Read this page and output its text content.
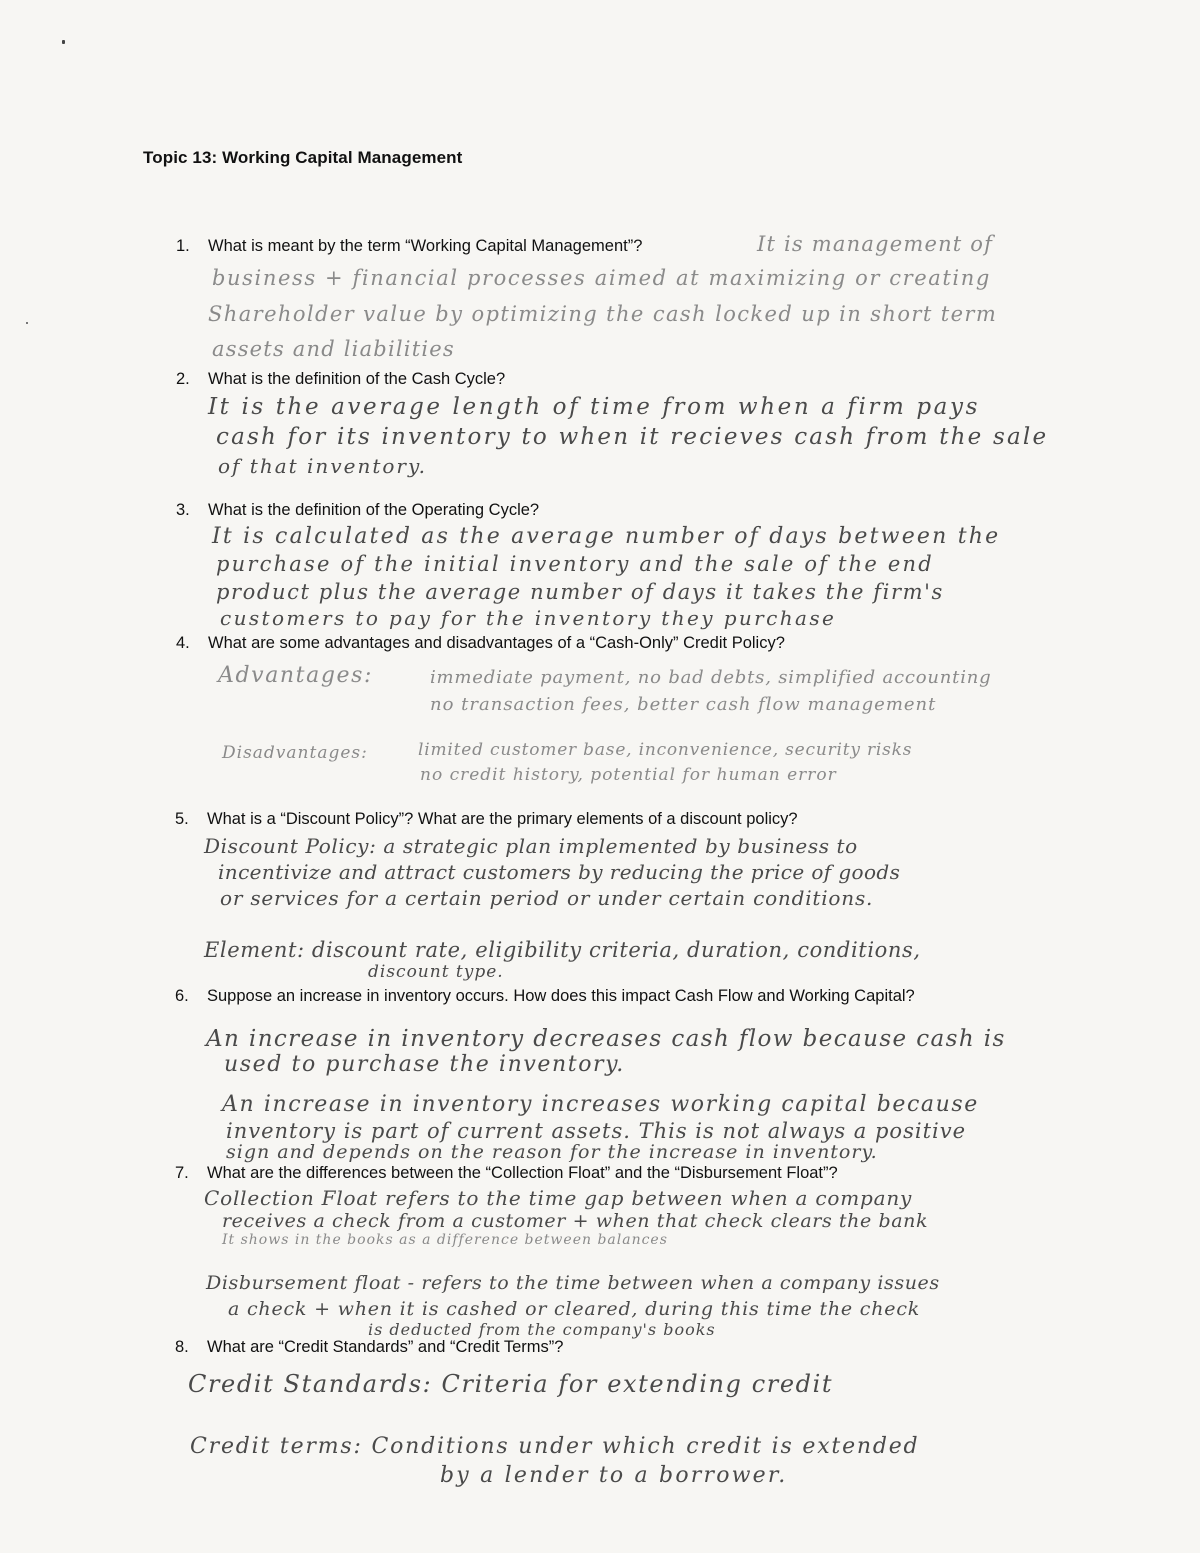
Topic 13: Working Capital Management
1. What is meant by the term “Working Capital Management”?	It is management of
business + financial processes aimed at maximizing or creating
Shareholder value by optimizing the cash locked up in short term
assets and liabilities
2. What is the definition of the Cash Cycle?
It is the average length of time from when a firm pays
cash for its inventory to when it recieves cash from the sale
of that inventory.
3. What is the definition of the Operating Cycle?
It is calculated as the average number of days between the
purchase of the initial inventory and the sale of the end
product plus the average number of days it takes the firm's
customers to pay for the inventory they purchase
4. What are some advantages and disadvantages of a “Cash-Only” Credit Policy?
Advantages:	immediate payment, no bad debts, simplified accounting
no transaction fees, better cash flow management
Disadvantages:	limited customer base, inconvenience, security risks
no credit history, potential for human error
5. What is a “Discount Policy”? What are the primary elements of a discount policy?
Discount Policy: a strategic plan implemented by business to
incentivize and attract customers by reducing the price of goods
or services for a certain period or under certain conditions.
Element: discount rate, eligibility criteria, duration, conditions,
discount type.
6. Suppose an increase in inventory occurs. How does this impact Cash Flow and Working Capital?
An increase in inventory decreases cash flow because cash is
used to purchase the inventory.
An increase in inventory increases working capital because
inventory is part of current assets. This is not always a positive
sign and depends on the reason for the increase in inventory.
7. What are the differences between the “Collection Float” and the “Disbursement Float”?
Collection Float refers to the time gap between when a company
receives a check from a customer + when that check clears the bank
It shows in the books as a difference between balances
Disbursement float - refers to the time between when a company issues
a check + when it is cashed or cleared, during this time the check
is deducted from the company's books
8. What are “Credit Standards” and “Credit Terms”?
Credit Standards: Criteria for extending credit
Credit terms: Conditions under which credit is extended
by a lender to a borrower.
